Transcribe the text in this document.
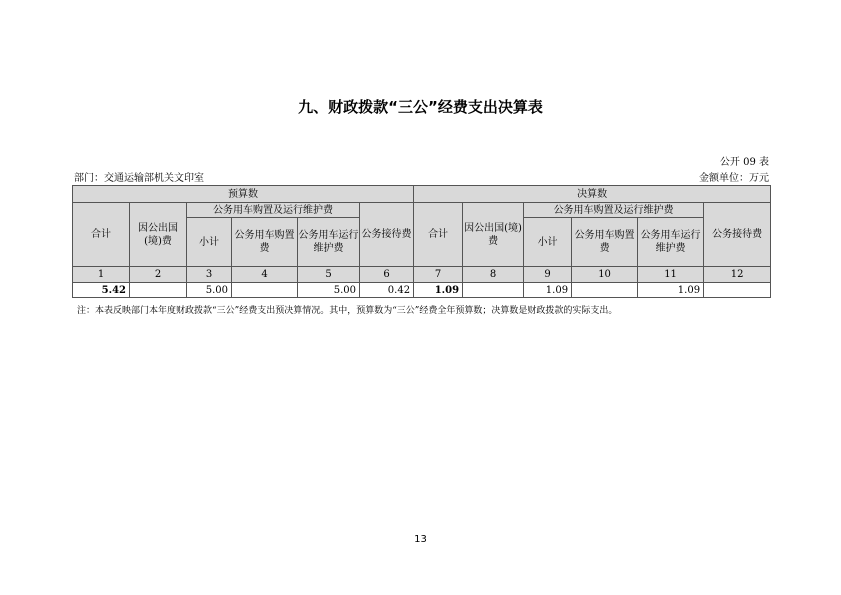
九、财政拨款“三公”经费支出决算表
公开 09 表
部门：交通运输部机关文印室	金额单位：万元
预算数						决算数					
合计	因公出国(境)费	公务用车购置及运行维护费			公务接待费	合计	因公出国(境)费	公务用车购置及运行维护费			公务接待费
		小计	公务用车购置费	公务用车运行维护费				小计	公务用车购置费	公务用车运行维护费	
1	2	3	4	5	6	7	8	9	10	11	12
5.42		5.00		5.00	0.42	1.09		1.09		1.09	
注：本表反映部门本年度财政拨款“三公”经费支出预决算情况。其中，预算数为“三公”经费全年预算数；决算数是财政拨款的实际支出。
13
